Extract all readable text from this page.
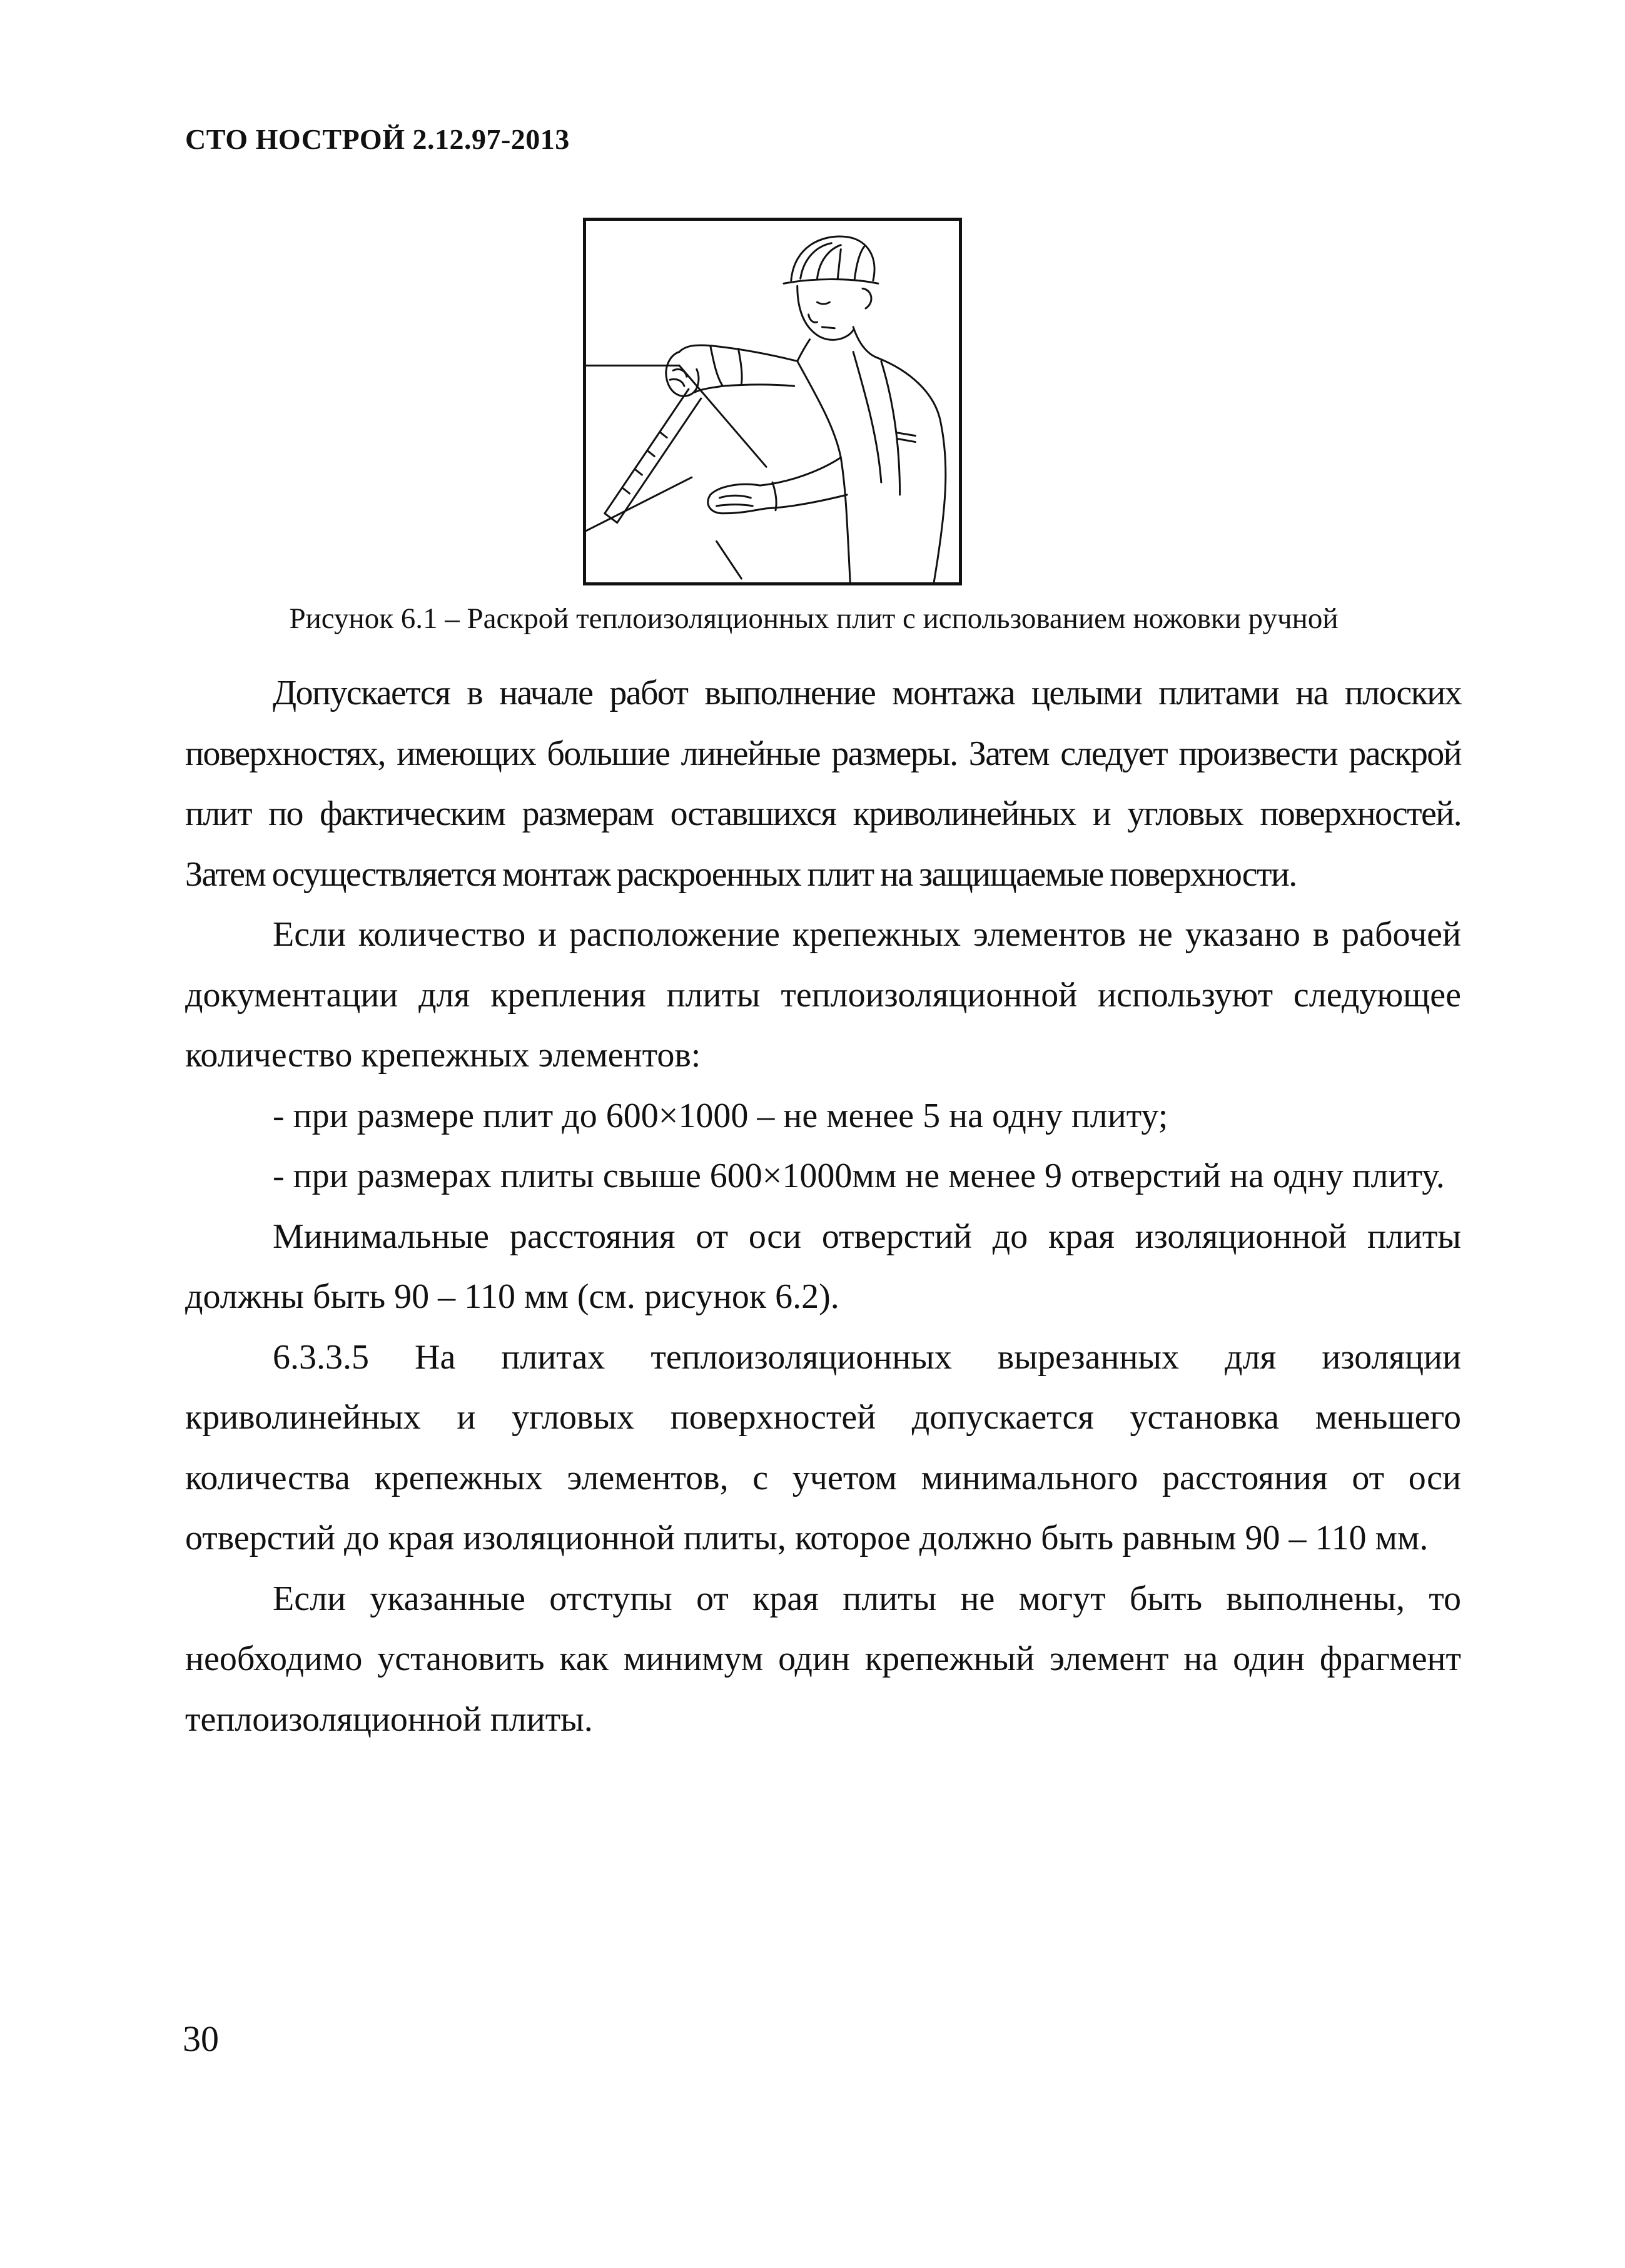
СТО НОСТРОЙ 2.12.97-2013
Рисунок 6.1 – Раскрой теплоизоляционных плит с использованием ножовки ручной

Допускается в начале работ выполнение монтажа целыми плитами на плоских поверхностях, имеющих большие линейные размеры. Затем следует произвести раскрой плит по фактическим размерам оставшихся криволинейных и угловых поверхностей. Затем осуществляется монтаж раскроенных плит на защищаемые поверхности.

Если количество и расположение крепежных элементов не указано в рабочей документации для крепления плиты теплоизоляционной используют следующее количество крепежных элементов:

- при размере плит до 600×1000 – не менее 5 на одну плиту;

- при размерах плиты свыше 600×1000мм не менее 9 отверстий на одну плиту.

Минимальные расстояния от оси отверстий до края изоляционной плиты должны быть 90 – 110 мм (см. рисунок 6.2).

6.3.3.5 На плитах теплоизоляционных вырезанных для изоляции криволинейных и угловых поверхностей допускается установка меньшего количества крепежных элементов, с учетом минимального расстояния от оси отверстий до края изоляционной плиты, которое должно быть равным 90 – 110 мм.

Если указанные отступы от края плиты не могут быть выполнены, то необходимо установить как минимум один крепежный элемент на один фрагмент теплоизоляционной плиты.

30
